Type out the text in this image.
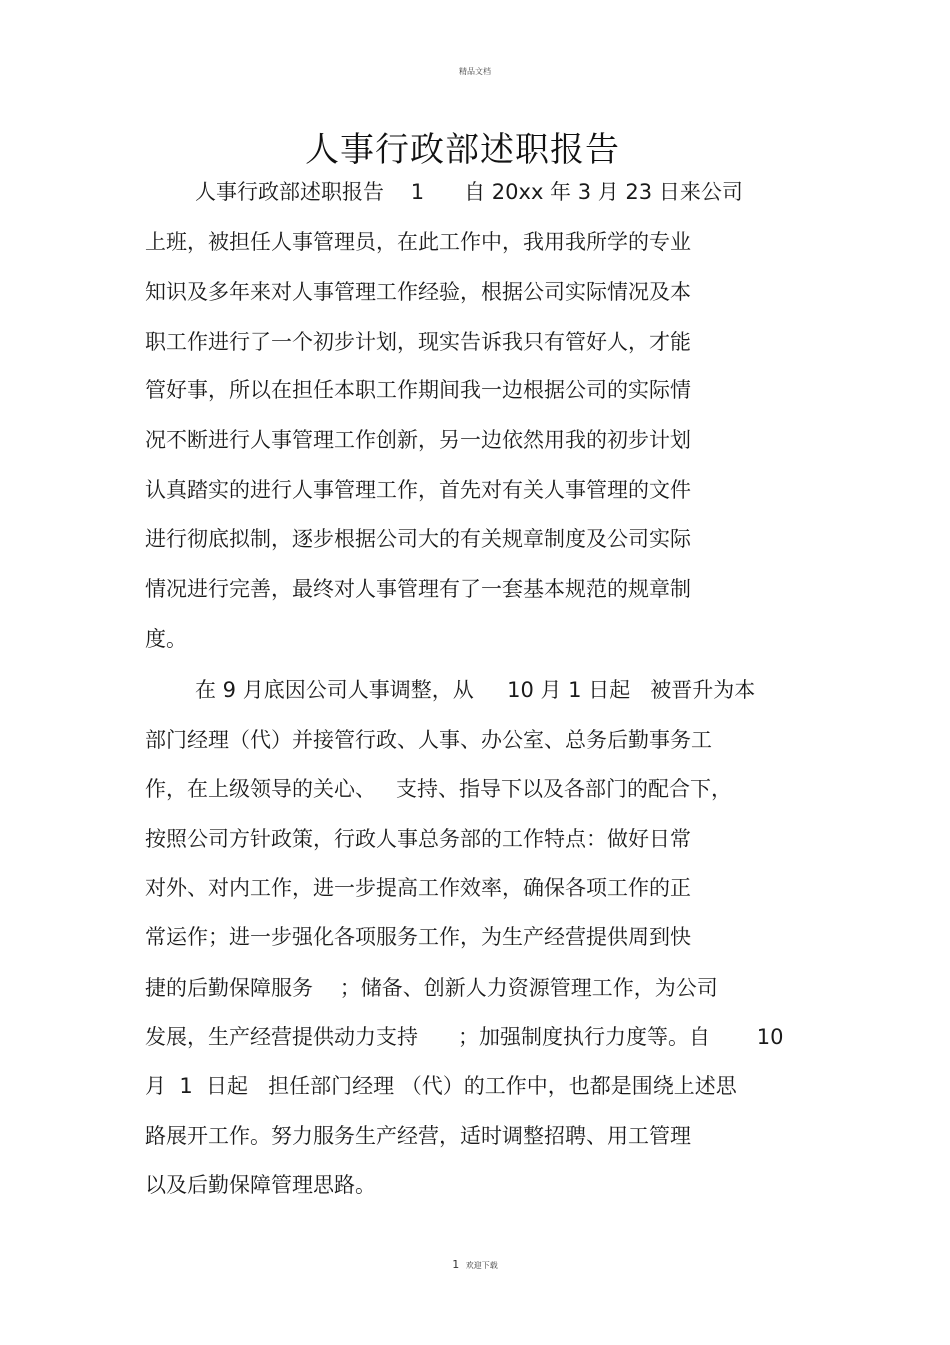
精品文档
人事行政部述职报告
人事行政部述职报告    1      自 20xx 年 3 月 23 日来公司
上班，被担任人事管理员，在此工作中，我用我所学的专业
知识及多年来对人事管理工作经验，根据公司实际情况及本
职工作进行了一个初步计划，现实告诉我只有管好人，才能
管好事，所以在担任本职工作期间我一边根据公司的实际情
况不断进行人事管理工作创新，另一边依然用我的初步计划
认真踏实的进行人事管理工作，首先对有关人事管理的文件
进行彻底拟制，逐步根据公司大的有关规章制度及公司实际
情况进行完善，最终对人事管理有了一套基本规范的规章制
度。
在 9 月底因公司人事调整，从     10 月 1 日起   被晋升为本
部门经理（代）并接管行政、人事、办公室、总务后勤事务工
作，在上级领导的关心、   支持、指导下以及各部门的配合下，
按照公司方针政策，行政人事总务部的工作特点：做好日常
对外、对内工作，进一步提高工作效率，确保各项工作的正
常运作；进一步强化各项服务工作，为生产经营提供周到快
捷的后勤保障服务    ；储备、创新人力资源管理工作，为公司
发展，生产经营提供动力支持      ；加强制度执行力度等。自       10
月  1  日起   担任部门经理 （代）的工作中，也都是围绕上述思
路展开工作。努力服务生产经营，适时调整招聘、用工管理
以及后勤保障管理思路。
1 欢迎下载
